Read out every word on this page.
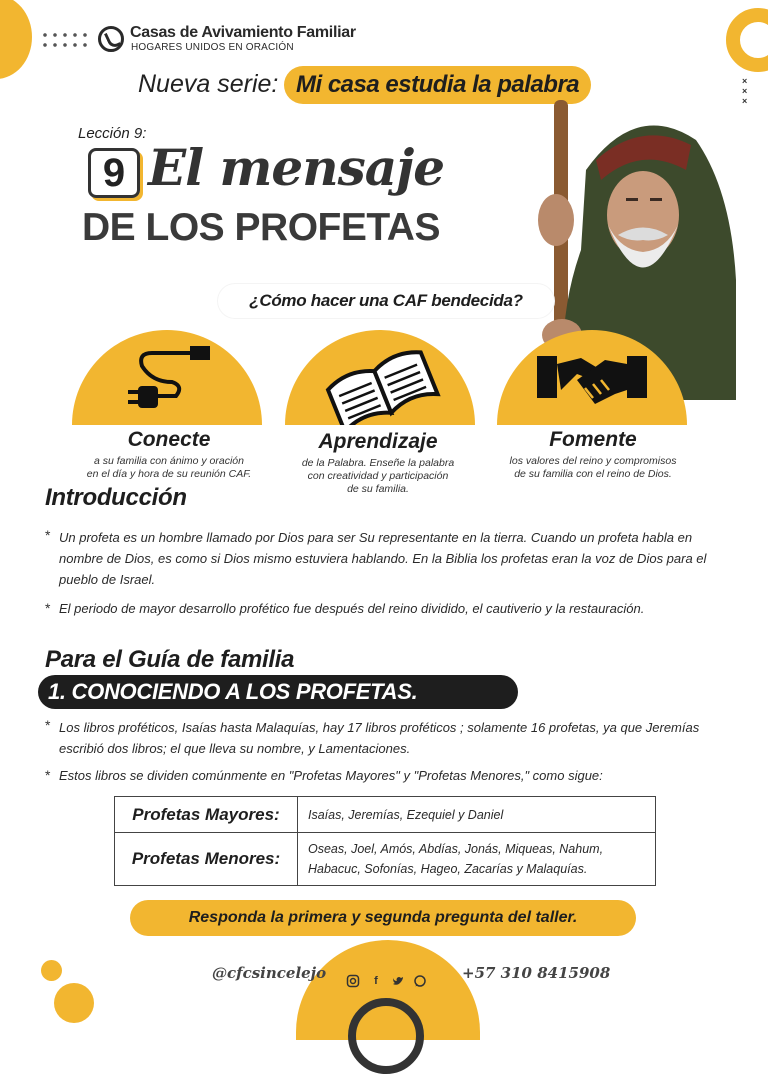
×
×
×
Casas de Avivamiento Familiar
HOGARES UNIDOS EN ORACIÓN
Nueva serie: Mi casa estudia la palabra
Lección 9:
9 El mensaje
DE LOS PROFETAS
¿Cómo hacer una CAF bendecida?
Conecte
a su familia con ánimo y oración
en el día y hora de su reunión CAF.
Aprendizaje
de la Palabra. Enseñe la palabra
con creatividad y participación
de su familia.
Fomente
los valores del reino y compromisos
de su familia con el reino de Dios.
Introducción
* Un profeta es un hombre llamado por Dios para ser Su representante en la tierra. Cuando un profeta habla en nombre de Dios, es como si Dios mismo estuviera hablando. En la Biblia los profetas eran la voz de Dios para el pueblo de Israel.
* El periodo de mayor desarrollo profético fue después del reino dividido, el cautiverio y la restauración.
Para el Guía de familia
1. CONOCIENDO A LOS PROFETAS.
* Los libros proféticos, Isaías hasta Malaquías, hay 17 libros proféticos ; solamente 16 profetas, ya que Jeremías escribió dos libros; el que lleva su nombre, y Lamentaciones.
* Estos libros se dividen comúnmente en "Profetas Mayores" y "Profetas Menores," como sigue:
Profetas Mayores:	Isaías, Jeremías, Ezequiel y Daniel

Profetas Menores:	Oseas, Joel, Amós, Abdías, Jonás, Miqueas, Nahum,
Habacuc, Sofonías, Hageo, Zacarías y Malaquías.
Responda la primera y segunda pregunta del taller.
@cfcsincelejo	f	+57 310 8415908
